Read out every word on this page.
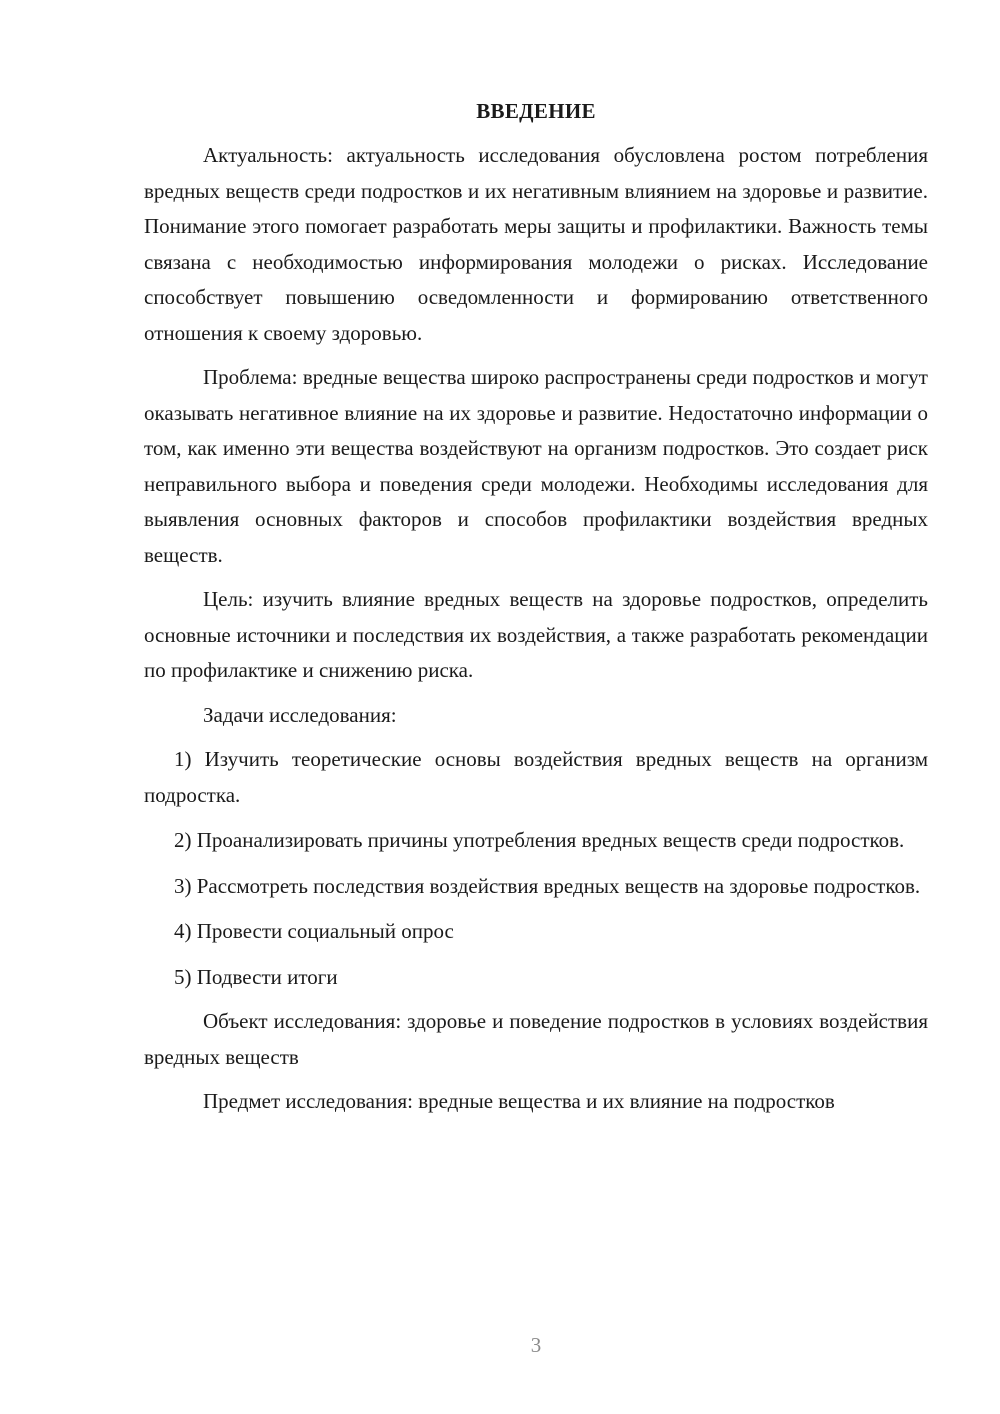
ВВЕДЕНИЕ

Актуальность: актуальность исследования обусловлена ростом потребления вредных веществ среди подростков и их негативным влиянием на здоровье и развитие. Понимание этого помогает разработать меры защиты и профилактики. Важность темы связана с необходимостью информирования молодежи о рисках. Исследование способствует повышению осведомленности и формированию ответственного отношения к своему здоровью.

Проблема: вредные вещества широко распространены среди подростков и могут оказывать негативное влияние на их здоровье и развитие. Недостаточно информации о том, как именно эти вещества воздействуют на организм подростков. Это создает риск неправильного выбора и поведения среди молодежи. Необходимы исследования для выявления основных факторов и способов профилактики воздействия вредных веществ.

Цель: изучить влияние вредных веществ на здоровье подростков, определить основные источники и последствия их воздействия, а также разработать рекомендации по профилактике и снижению риска.

Задачи исследования:

1) Изучить теоретические основы воздействия вредных веществ на организм подростка.

2) Проанализировать причины употребления вредных веществ среди подростков.

3) Рассмотреть последствия воздействия вредных веществ на здоровье подростков.

4) Провести социальный опрос

5) Подвести итоги

Объект исследования: здоровье и поведение подростков в условиях воздействия вредных веществ

Предмет исследования: вредные вещества и их влияние на подростков

3
